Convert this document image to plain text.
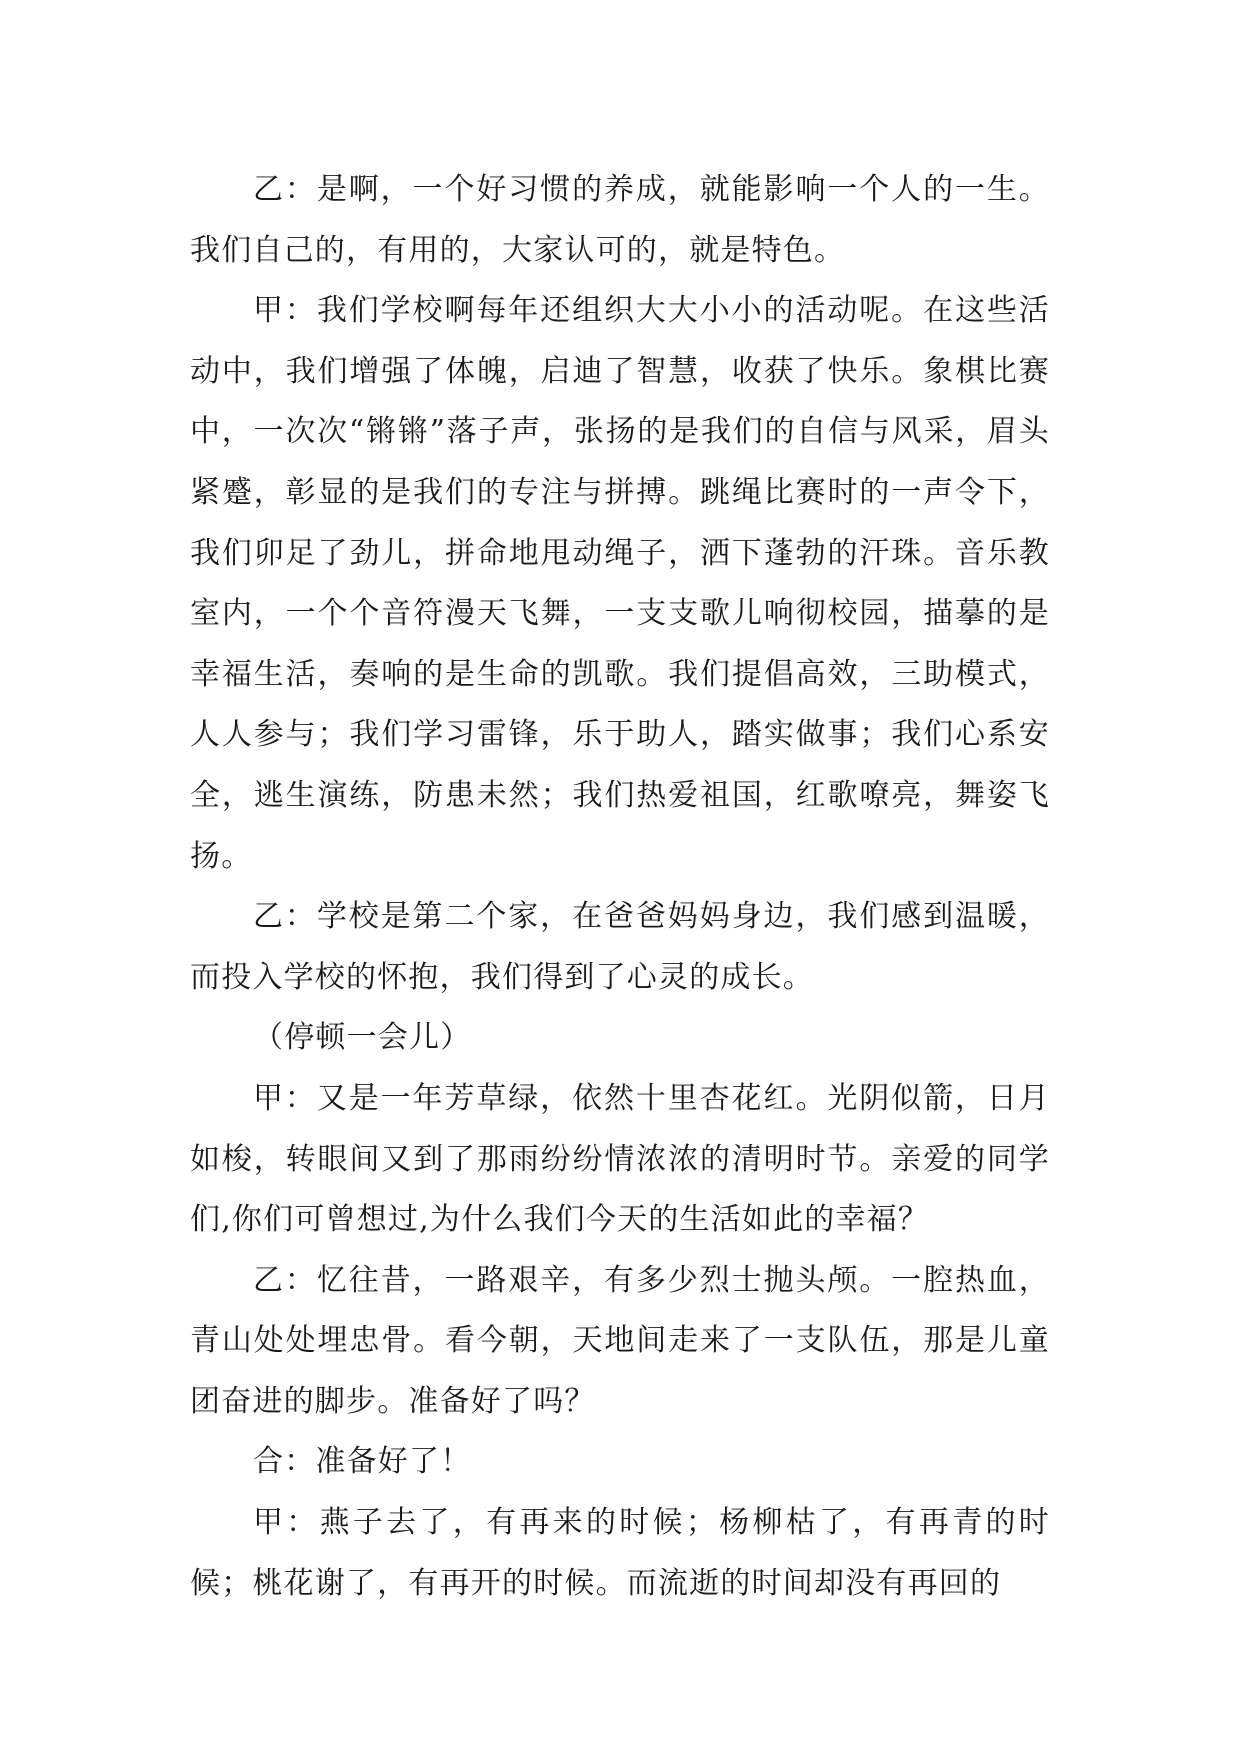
乙：是啊，一个好习惯的养成，就能影响一个人的一生。我们自己的，有用的，大家认可的，就是特色。

甲：我们学校啊每年还组织大大小小的活动呢。在这些活动中，我们增强了体魄，启迪了智慧，收获了快乐。象棋比赛中，一次次“锵锵”落子声，张扬的是我们的自信与风采，眉头紧蹙，彰显的是我们的专注与拼搏。跳绳比赛时的一声令下，我们卯足了劲儿，拼命地甩动绳子，洒下蓬勃的汗珠。音乐教室内，一个个音符漫天飞舞，一支支歌儿响彻校园，描摹的是幸福生活，奏响的是生命的凯歌。我们提倡高效，三助模式，人人参与；我们学习雷锋，乐于助人，踏实做事；我们心系安全，逃生演练，防患未然；我们热爱祖国，红歌嘹亮，舞姿飞扬。

乙：学校是第二个家，在爸爸妈妈身边，我们感到温暖，而投入学校的怀抱，我们得到了心灵的成长。

（停顿一会儿）

甲：又是一年芳草绿，依然十里杏花红。光阴似箭，日月如梭，转眼间又到了那雨纷纷情浓浓的清明时节。亲爱的同学们,你们可曾想过,为什么我们今天的生活如此的幸福？

乙：忆往昔，一路艰辛，有多少烈士抛头颅。一腔热血，青山处处埋忠骨。看今朝，天地间走来了一支队伍，那是儿童团奋进的脚步。准备好了吗？

合：准备好了！

甲：燕子去了，有再来的时候；杨柳枯了，有再青的时候；桃花谢了，有再开的时候。而流逝的时间却没有再回的
